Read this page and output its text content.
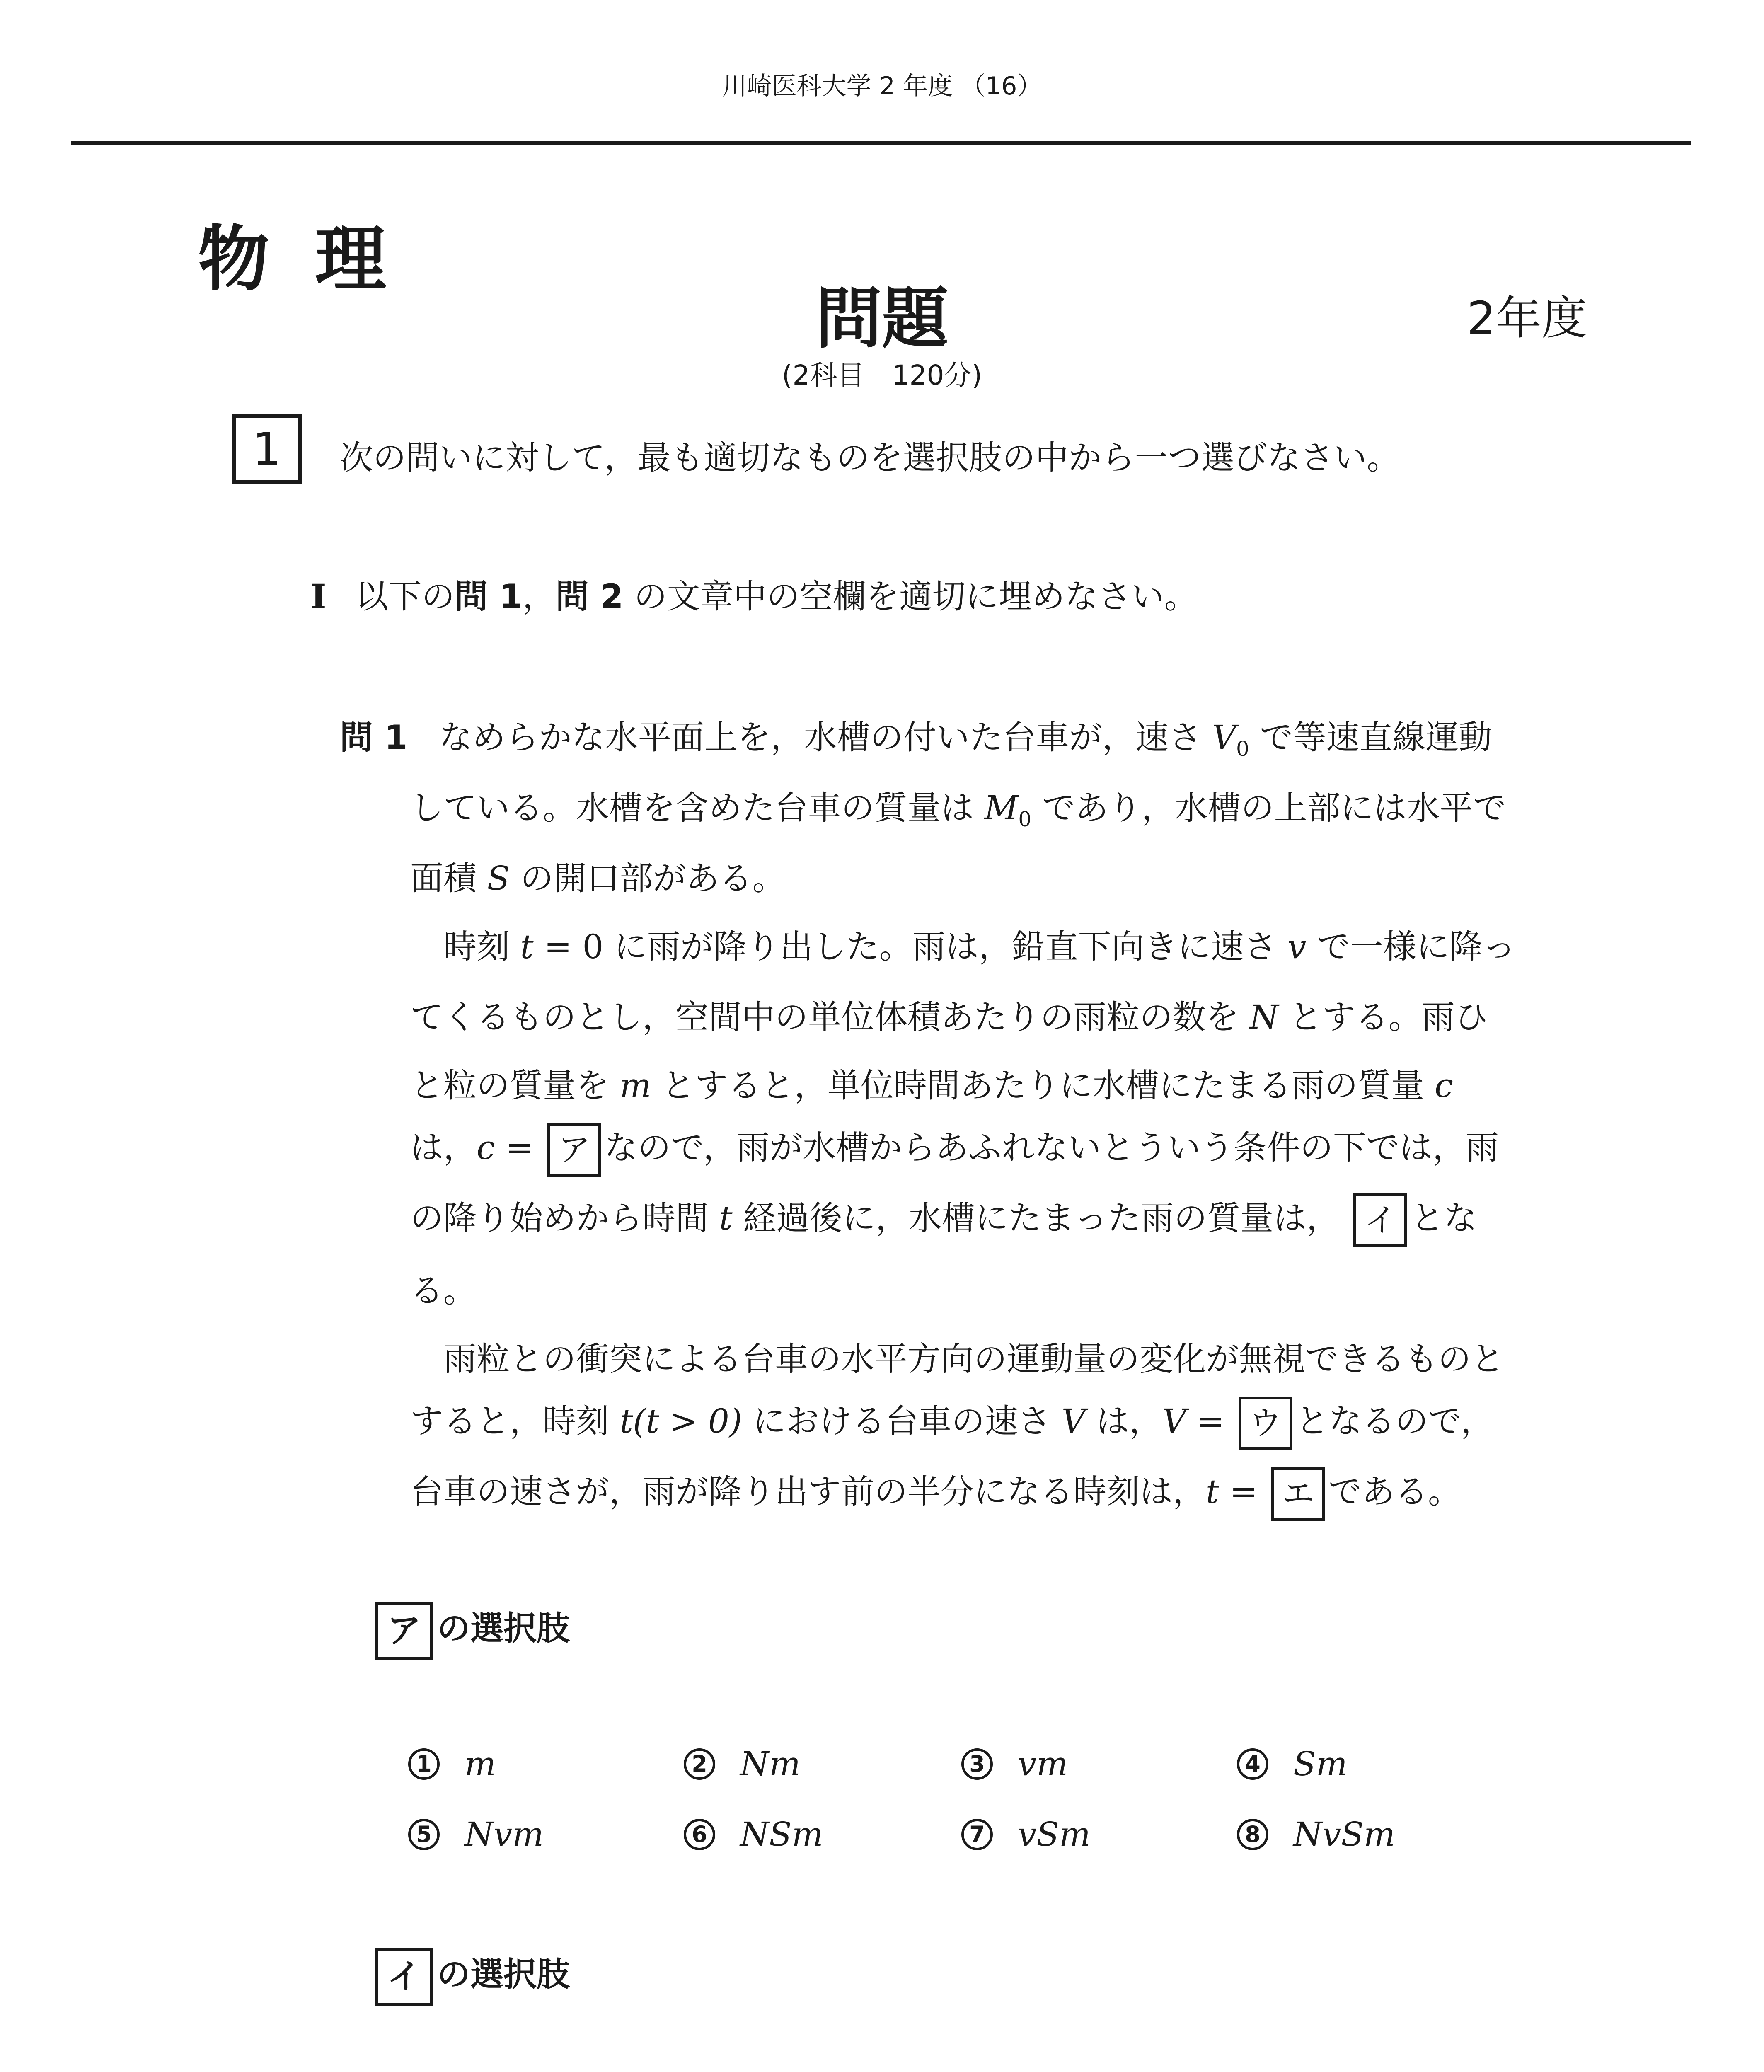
川崎医科大学 2 年度 （16）
物理
問題	2年度
(2科目　120分)
1 次の問いに対して，最も適切なものを選択肢の中から一つ選びなさい。
I 以下の問 1，問 2 の文章中の空欄を適切に埋めなさい。
問 1 なめらかな水平面上を，水槽の付いた台車が，速さ $V_0$ で等速直線運動
している。水槽を含めた台車の質量は $M_0$ であり，水槽の上部には水平で
面積 S の開口部がある。
時刻 t = 0 に雨が降り出した。雨は，鉛直下向きに速さ v で一様に降っ
てくるものとし，空間中の単位体積あたりの雨粒の数を N とする。雨ひ
と粒の質量を m とすると，単位時間あたりに水槽にたまる雨の質量 c
は，c = ア なので，雨が水槽からあふれないとういう条件の下では，雨
の降り始めから時間 t 経過後に，水槽にたまった雨の質量は， イ とな
る。
雨粒との衝突による台車の水平方向の運動量の変化が無視できるものと
すると，時刻 t(t > 0) における台車の速さ V は，V = ウ となるので，
台車の速さが，雨が降り出す前の半分になる時刻は，t = エ である。
ア の選択肢
1 m	2 Nm	3 vm	4 Sm
5 Nvm	6 NSm	7 vSm	8 NvSm
イ の選択肢
